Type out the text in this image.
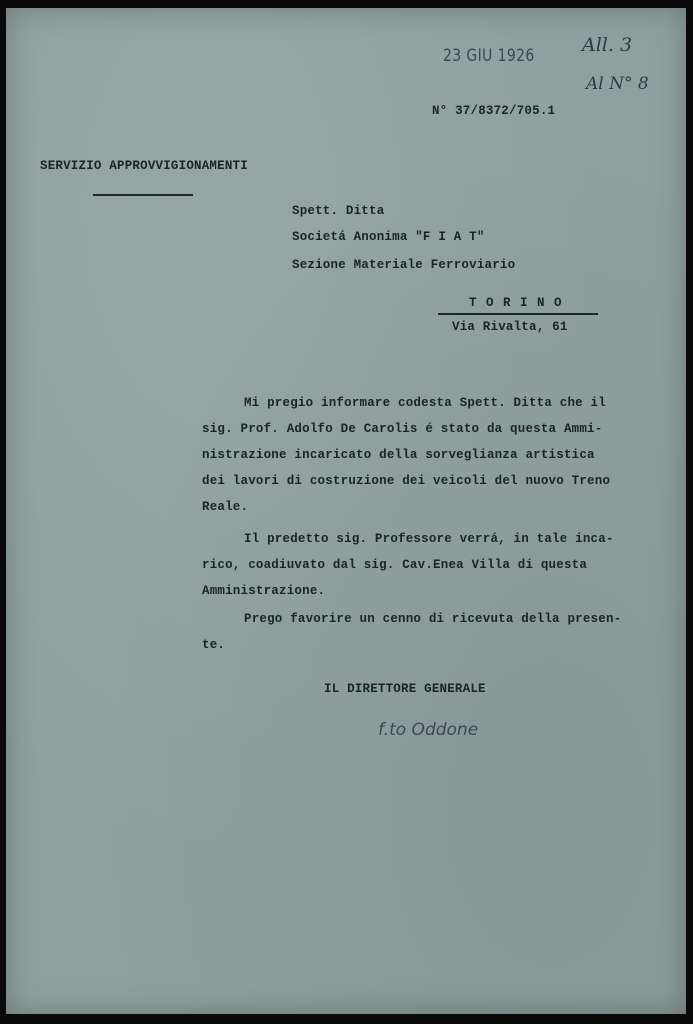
23 GIU 1926 All. 3
Al N° 8
N° 37/8372/705.1
SERVIZIO APPROVVIGIONAMENTI
Spett. Ditta
Societá Anonima "F I A T"
Sezione Materiale Ferroviario
T O R I N O
Via Rivalta, 61
Mi pregio informare codesta Spett. Ditta che il
sig. Prof. Adolfo De Carolis é stato da questa Ammi-
nistrazione incaricato della sorveglianza artistica
dei lavori di costruzione dei veicoli del nuovo Treno
Reale.
Il predetto sig. Professore verrá, in tale inca-
rico, coadiuvato dal sig. Cav.Enea Villa di questa
Amministrazione.
Prego favorire un cenno di ricevuta della presen-
te.
IL DIRETTORE GENERALE
f.to Oddone
